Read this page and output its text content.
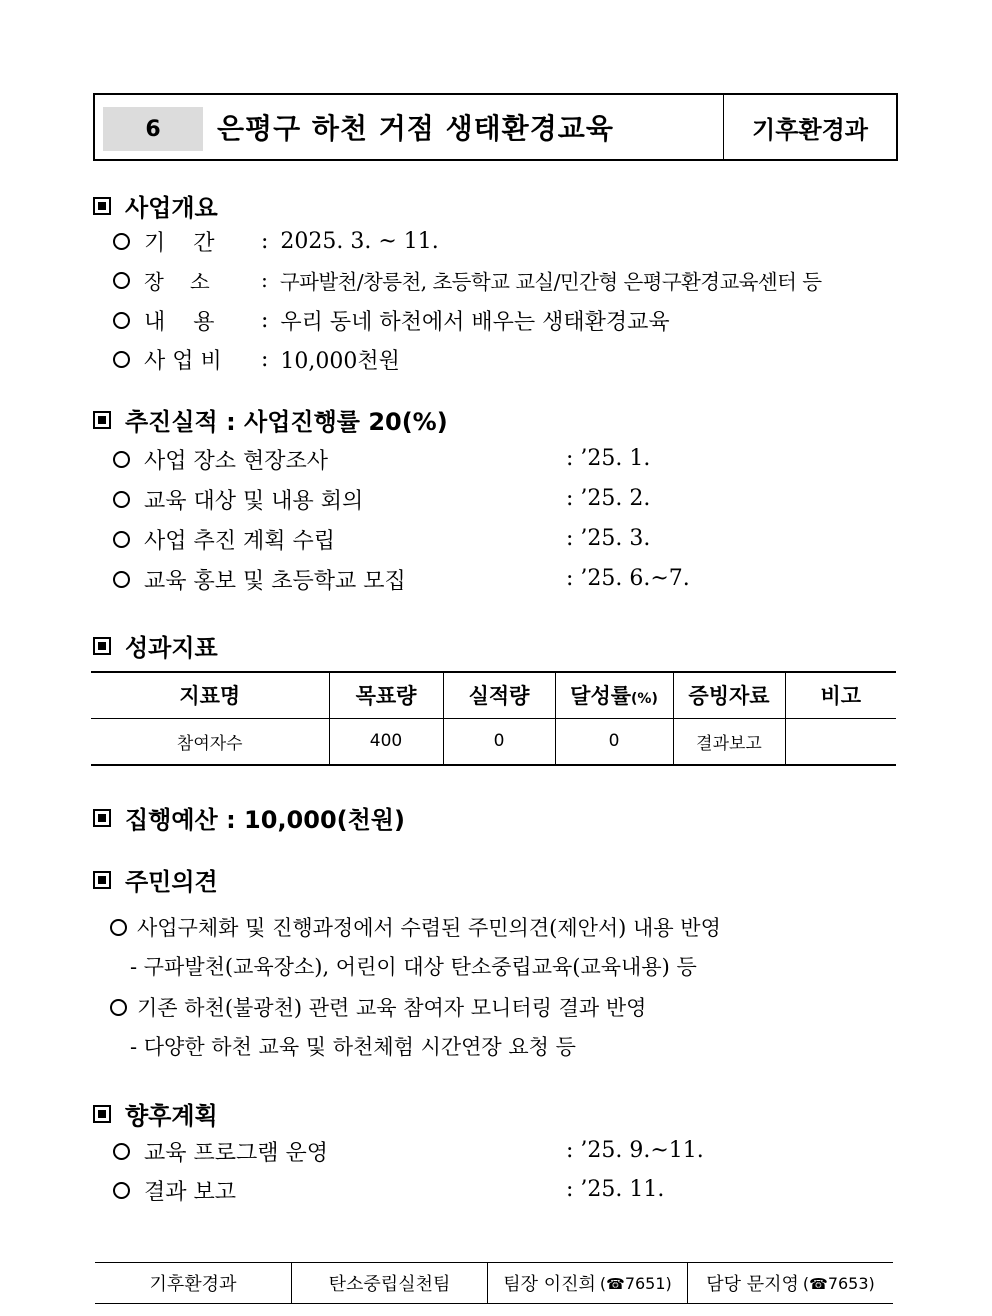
6	은평구 하천 거점 생태환경교육	기후환경과
사업개요
기    간	: 2025. 3. ~ 11.
장    소	: 구파발천/창릉천, 초등학교 교실/민간형 은평구환경교육센터 등
내    용	: 우리 동네 하천에서 배우는 생태환경교육
사 업 비	: 10,000천원
추진실적 : 사업진행률 20(%)
사업 장소 현장조사	: ’25. 1.
교육 대상 및 내용 회의	: ’25. 2.
사업 추진 계획 수립	: ’25. 3.
교육 홍보 및 초등학교 모집	: ’25. 6.~7.
성과지표
지표명	목표량	실적량	달성률(%)	증빙자료	비고
참여자수	400	0	0	결과보고	
집행예산 : 10,000(천원)
주민의견
사업구체화 및 진행과정에서 수렴된 주민의견(제안서) 내용 반영
- 구파발천(교육장소), 어린이 대상 탄소중립교육(교육내용) 등
기존 하천(불광천) 관련 교육 참여자 모니터링 결과 반영
- 다양한 하천 교육 및 하천체험 시간연장 요청 등
향후계획
교육 프로그램 운영	: ’25. 9.~11.
결과 보고	: ’25. 11.
기후환경과	탄소중립실천팀	팀장 이진희 (☎7651) 담당 문지영 (☎7653)
